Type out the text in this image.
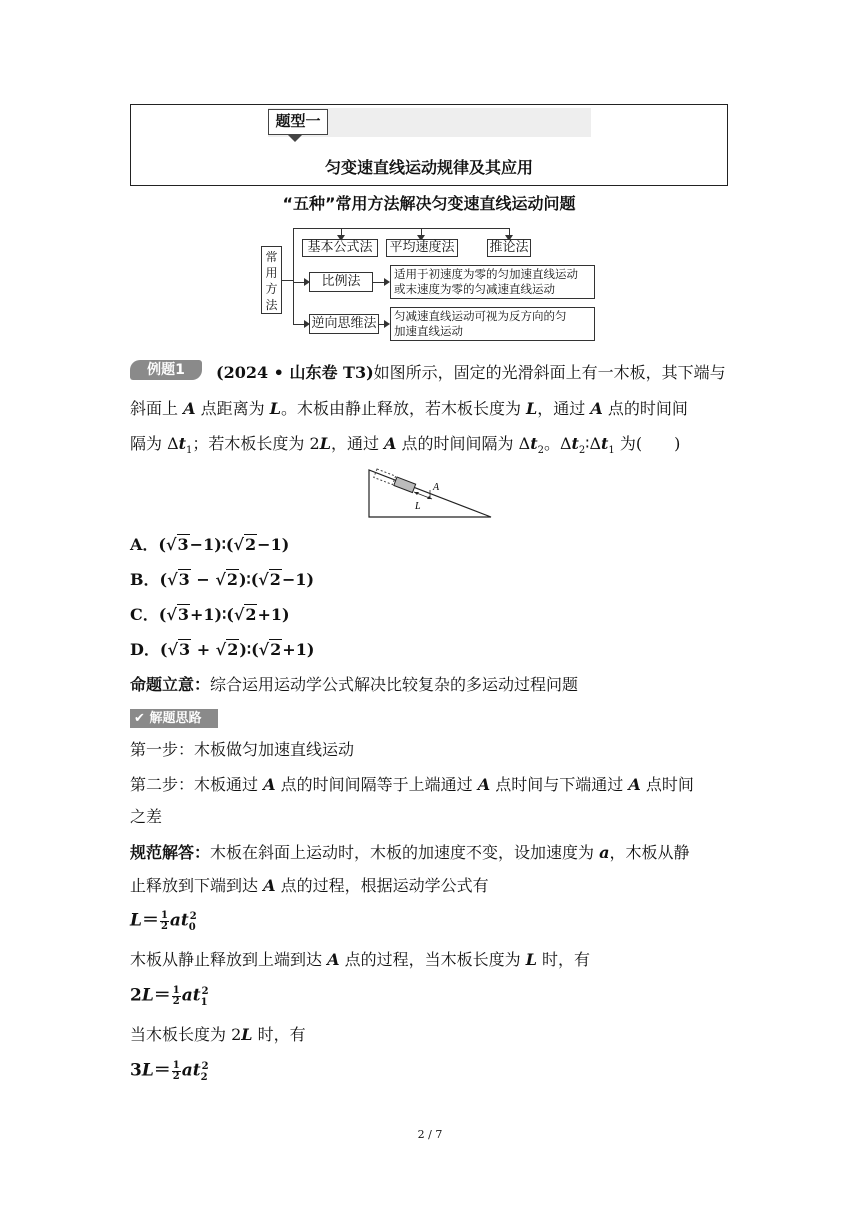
题型一
匀变速直线运动规律及其应用
“五种”常用方法解决匀变速直线运动问题
常
用
方
法
基本公式法	平均速度法	推论法
比例法	适用于初速度为零的匀加速直线运动
或末速度为零的匀减速直线运动
逆向思维法	匀减速直线运动可视为反方向的匀
加速直线运动
例题1	(2024 • 山东卷 T3)如图所示，固定的光滑斜面上有一木板，其下端与
斜面上 A 点距离为 L。木板由静止释放，若木板长度为 L，通过 A 点的时间间
隔为 $\Delta t_1$；若木板长度为 2L，通过 A 点的时间间隔为 $\Delta t_2$。$\Delta t_2∶\Delta t_1$ 为(　　)
A
L
A．(√3−1)∶(√2−1)
B．(√3 − √2)∶(√2−1)
C．(√3+1)∶(√2+1)
D．(√3 + √2)∶(√2+1)
命题立意：综合运用运动学公式解决比较复杂的多运动过程问题
✔ 解题思路
第一步：木板做匀加速直线运动
第二步：木板通过 A 点的时间间隔等于上端通过 A 点时间与下端通过 A 点时间
之差
规范解答：木板在斜面上运动时，木板的加速度不变，设加速度为 a，木板从静
止释放到下端到达 A 点的过程，根据运动学公式有
$L= \frac{1}{2} at_0^2$
木板从静止释放到上端到达 A 点的过程，当木板长度为 L 时，有
$2L= \frac{1}{2} at_1^2$
当木板长度为 2L 时，有
$3L= \frac{1}{2} at_2^2$
2 / 7
